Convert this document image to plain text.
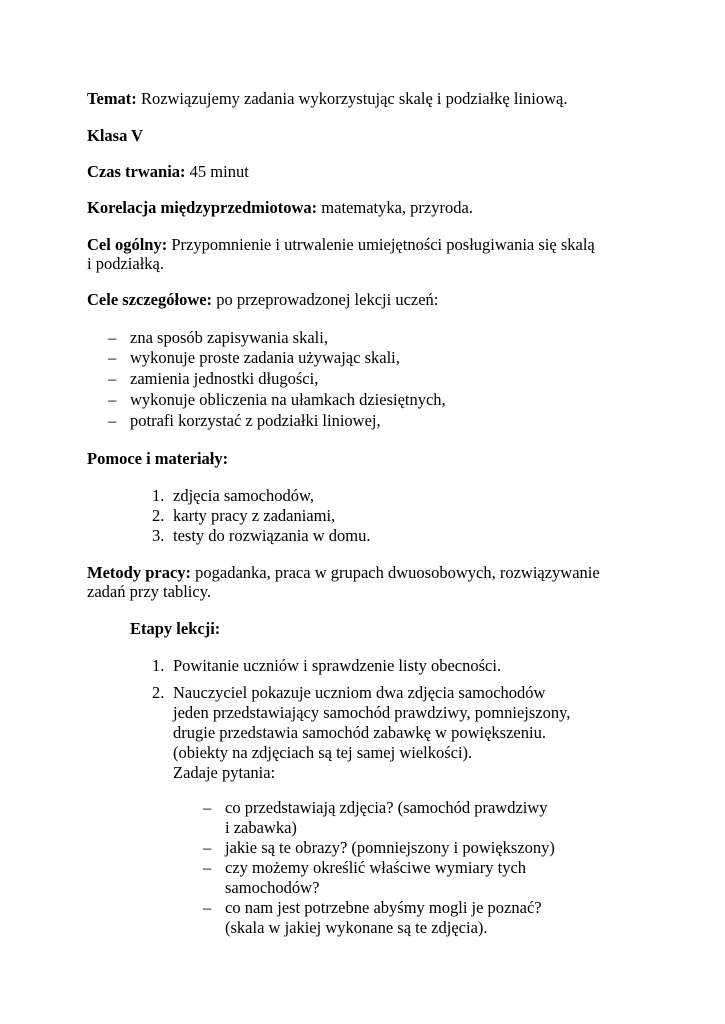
Temat: Rozwiązujemy zadania wykorzystując skalę i podziałkę liniową.
Klasa V
Czas trwania: 45 minut
Korelacja międzyprzedmiotowa: matematyka, przyroda.
Cel ogólny: Przypomnienie i utrwalenie umiejętności posługiwania się skalą
i podziałką.
Cele szczegółowe: po przeprowadzonej lekcji uczeń:
– zna sposób zapisywania skali,
– wykonuje proste zadania używając skali,
– zamienia jednostki długości,
– wykonuje obliczenia na ułamkach dziesiętnych,
– potrafi korzystać z podziałki liniowej,
Pomoce i materiały:
1. zdjęcia samochodów,
2. karty pracy z zadaniami,
3. testy do rozwiązania w domu.
Metody pracy: pogadanka, praca w grupach dwuosobowych, rozwiązywanie
zadań przy tablicy.
Etapy lekcji:
1. Powitanie uczniów i sprawdzenie listy obecności.
2. Nauczyciel pokazuje uczniom dwa zdjęcia samochodów
jeden przedstawiający samochód prawdziwy, pomniejszony,
drugie przedstawia samochód zabawkę w powiększeniu.
(obiekty na zdjęciach są tej samej wielkości).
Zadaje pytania:
– co przedstawiają zdjęcia? (samochód prawdziwy
i zabawka)
– jakie są te obrazy? (pomniejszony i powiększony)
– czy możemy określić właściwe wymiary tych
samochodów?
– co nam jest potrzebne abyśmy mogli je poznać?
(skala w jakiej wykonane są te zdjęcia).
